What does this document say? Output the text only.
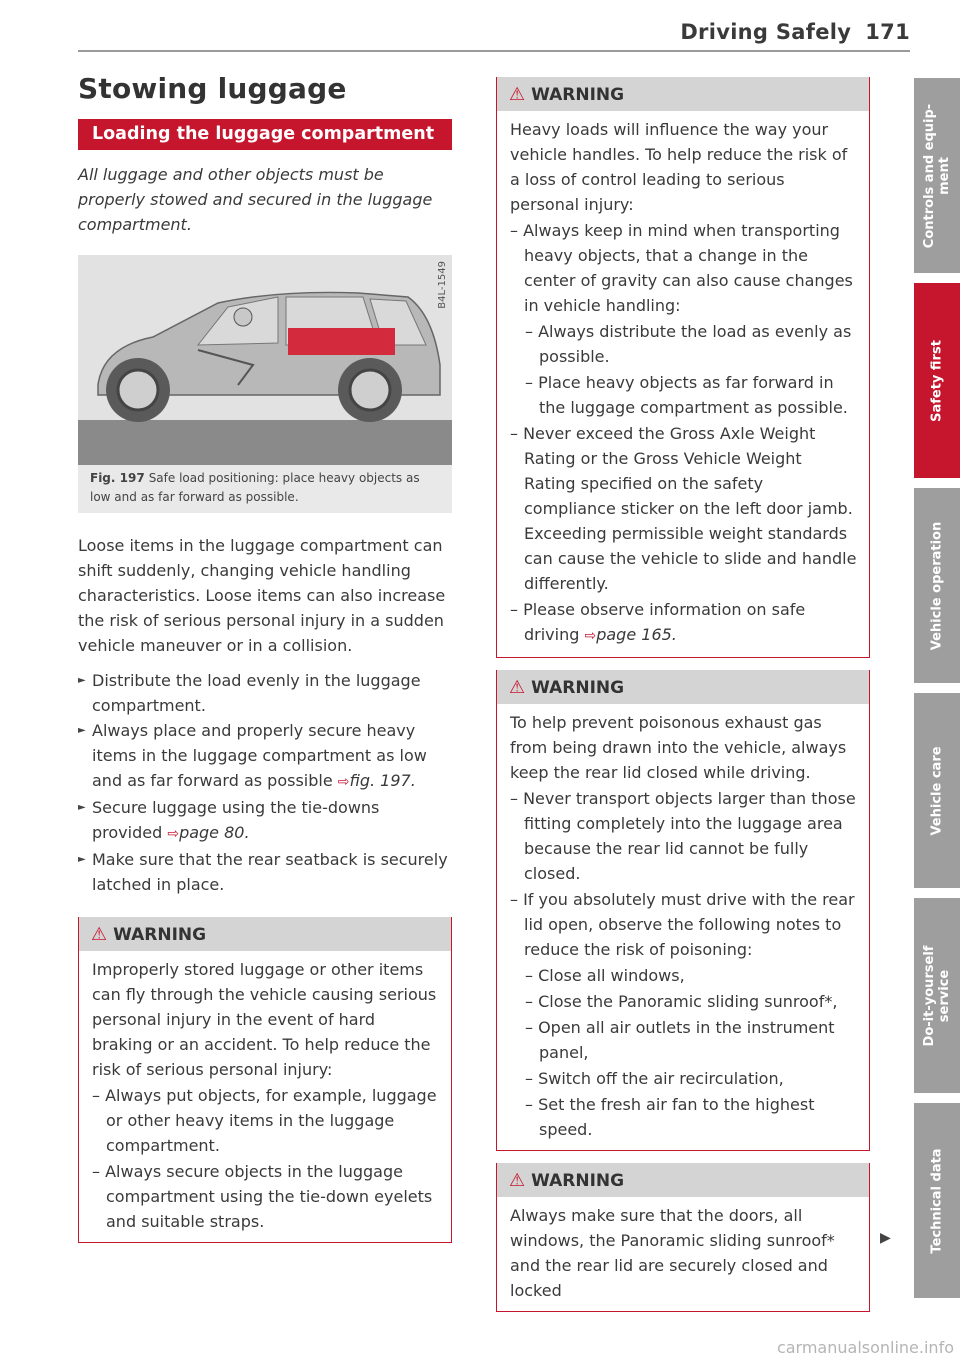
Driving Safely 171
Stowing luggage
Loading the luggage compartment
All luggage and other objects must be properly stowed and secured in the luggage compartment.
B4L-1549
Fig. 197 Safe load positioning: place heavy objects as low and as far forward as possible.

Loose items in the luggage compartment can shift suddenly, changing vehicle handling characteristics. Loose items can also increase the risk of serious personal injury in a sudden vehicle maneuver or in a collision.

► Distribute the load evenly in the luggage compartment.
► Always place and properly secure heavy items in the luggage compartment as low and as far forward as possible ⇨fig. 197.
► Secure luggage using the tie-downs provided ⇨page 80.
► Make sure that the rear seatback is securely latched in place.
⚠ WARNING
Improperly stored luggage or other items can fly through the vehicle causing serious personal injury in the event of hard braking or an accident. To help reduce the risk of serious personal injury:
– Always put objects, for example, luggage or other heavy items in the luggage compartment.
– Always secure objects in the luggage compartment using the tie-down eyelets and suitable straps.
⚠ WARNING
Heavy loads will influence the way your vehicle handles. To help reduce the risk of a loss of control leading to serious personal injury:
– Always keep in mind when transporting heavy objects, that a change in the center of gravity can also cause changes in vehicle handling:
– Always distribute the load as evenly as possible.
– Place heavy objects as far forward in the luggage compartment as possible.
– Never exceed the Gross Axle Weight Rating or the Gross Vehicle Weight Rating specified on the safety compliance sticker on the left door jamb. Exceeding permissible weight standards can cause the vehicle to slide and handle differently.
– Please observe information on safe driving ⇨page 165.
⚠ WARNING
To help prevent poisonous exhaust gas from being drawn into the vehicle, always keep the rear lid closed while driving.
– Never transport objects larger than those fitting completely into the luggage area because the rear lid cannot be fully closed.
– If you absolutely must drive with the rear lid open, observe the following notes to reduce the risk of poisoning:
– Close all windows,
– Close the Panoramic sliding sunroof*,
– Open all air outlets in the instrument panel,
– Switch off the air recirculation,
– Set the fresh air fan to the highest speed.
⚠ WARNING
Always make sure that the doors, all windows, the Panoramic sliding sunroof* and the rear lid are securely closed and locked
▶
Controls and equip-
ment
Safety first
Vehicle operation
Vehicle care
Do-it-yourself
service
Technical data
carmanualsonline.info
